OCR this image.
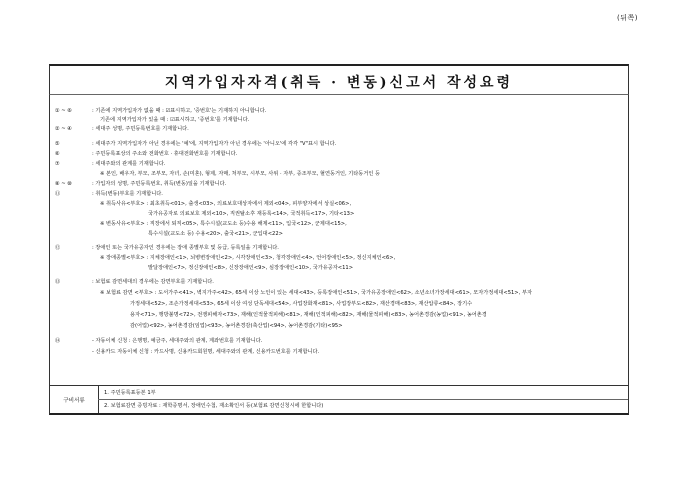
(뒤쪽)
지역가입자자격(취득 · 변동)신고서 작성요령
① ~ ⑥	: 기존에 지역가입자가 없을 때 : ☑표시하고, '증번호'는 기재하지 아니합니다.
기존에 지역가입자가 있을 때 : ☑표시하고, '증번호'를 기재합니다.
② ~ ④	: 세대주 성명, 주민등록번호를 기재합니다.
⑤	: 세대주가 지역가입자가 아닌 경우에는 '예'에, 지역가입자가 아닌 경우에는 '아니오'에 각각 "V"표시 합니다.
⑥	: 주민등록표상의 주소와 전화번호 · 휴대전화번호를 기재합니다.
⑦	: 세대주와의 관계를 기재합니다.
※ 본인, 배우자, 부모, 조부모, 자녀, 손(미혼), 형제, 자매, 처부모, 시부모, 사위 · 자부, 증조부모, 혈연동거인, 기타동거인 등
⑧ ~ ⑩	: 가입자의 성명, 주민등록번호, 취득(변동)일을 기재합니다.
⑪	: 취득(변동)부호를 기재합니다.
※ 취득사유<부호> : 최초취득<01>, 출생<03>, 의료보호대상자에서 제외<04>, 피부양자에서 상실<06>,
국가유공자로 의료보호 제외<10>, 직권탈소후 재등록<14>, 국적취득<17>, 기타<13>
※ 변동사유<부호> : 직장에서 퇴직<05>, 특수시설(교도소 등)수용 해제<11>, 입국<12>, 군제대<15>,
특수시설(교도소 등) 수용<20>, 출국<21>, 군입대<22>
⑫	: 장애인 또는 국가유공자인 경우에는 장애 종별부호 및 등급, 등록일을 기재합니다.
※ 장애종별<부호> : 지체장애인<1>, 뇌병변장애인<2>, 시각장애인<3>, 청각장애인<4>, 언어장애인<5>, 정신지체인<6>,
발달장애인<7>, 정신장애인<8>, 신장장애인<9>, 심장장애인<10>, 국가유공자<11>
⑬	: 보험료 감면세대의 경우에는 감면부호를 기재합니다.
※ 보험료 감면 <부호> : 도서가주<41>, 벽지가주<42>, 65세 이상 노인이 있는 세대<43>, 등록장애인<51>, 국가유공장애인<62>, 소년소녀가장세대<61>, 모자가정세대<51>, 부자
가정세대<52>, 조손가정세대<53>, 65세 이상 여성 단독세대<54>, 사업장화재<81>, 사업장부도<82>, 재산경매<83>, 재산압류<84>, 장기수
용자<71>, 행방불명<72>, 전쟁피해자<73>, 재해(인적물적피해)<81>, 재해(인적피해)<82>, 재해(물적피해)<83>, 농어촌경감(농업)<91>, 농어촌경
감(어업)<92>, 농어촌경감(임업)<93>, 농어촌경감(축산업)<94>, 농어촌경감(기타)<95>
⑭	- 자동이체 신청 : 은행명, 예금주, 세대주와의 관계, 계좌번호를 기재합니다.
- 신용카드 자동이체 신청 : 카드사명, 신용카드회원명, 세대주와의 관계, 신용카드번호를 기재합니다.
구비서류
1. 주민등록표등본 1부
2. 보험료감면 증빙자료 : 재학증명서, 장애인수첩, 재소확인서 등(보험료 감면신청시에 한합니다)
